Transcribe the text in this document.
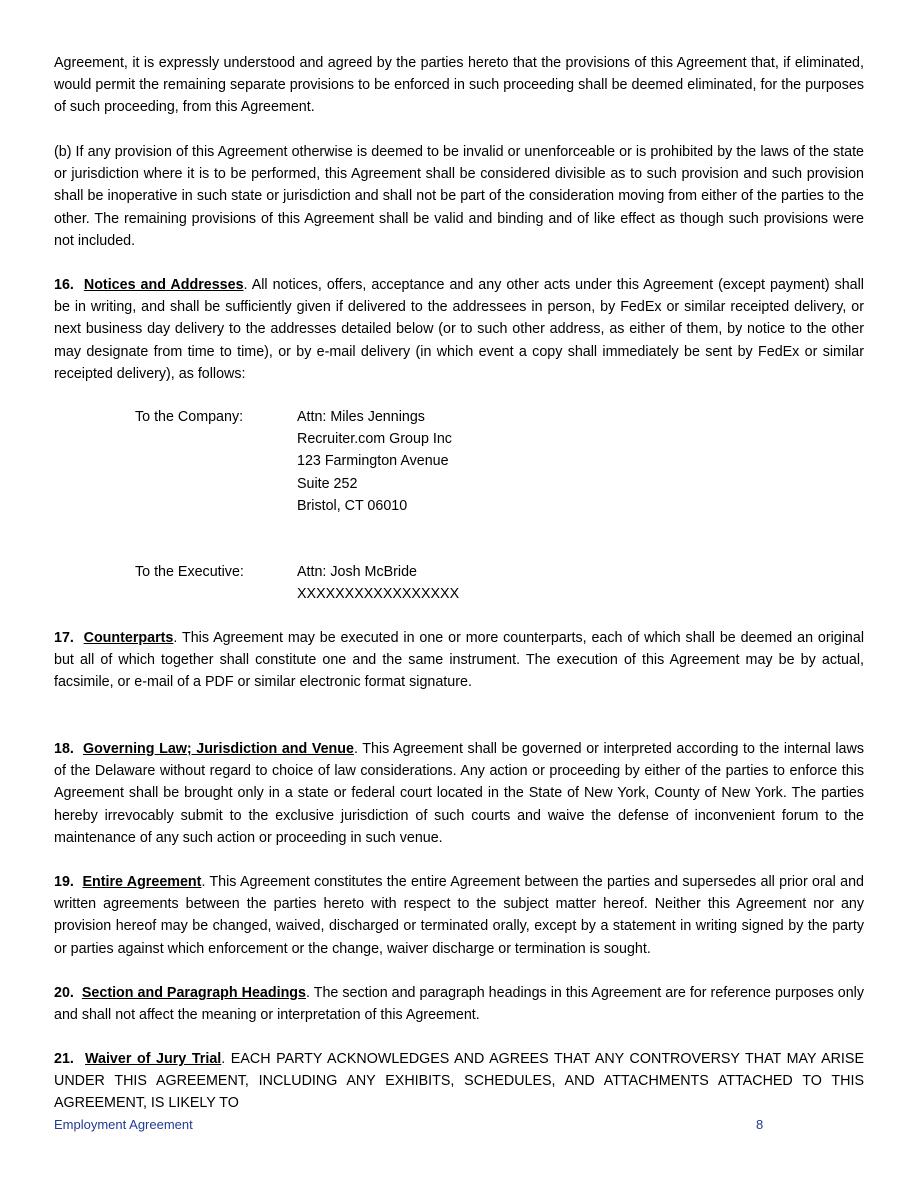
Agreement, it is expressly understood and agreed by the parties hereto that the provisions of this Agreement that, if eliminated, would permit the remaining separate provisions to be enforced in such proceeding shall be deemed eliminated, for the purposes of such proceeding, from this Agreement.

(b) If any provision of this Agreement otherwise is deemed to be invalid or unenforceable or is prohibited by the laws of the state or jurisdiction where it is to be performed, this Agreement shall be considered divisible as to such provision and such provision shall be inoperative in such state or jurisdiction and shall not be part of the consideration moving from either of the parties to the other. The remaining provisions of this Agreement shall be valid and binding and of like effect as though such provisions were not included.

16. Notices and Addresses. All notices, offers, acceptance and any other acts under this Agreement (except payment) shall be in writing, and shall be sufficiently given if delivered to the addressees in person, by FedEx or similar receipted delivery, or next business day delivery to the addresses detailed below (or to such other address, as either of them, by notice to the other may designate from time to time), or by e-mail delivery (in which event a copy shall immediately be sent by FedEx or similar receipted delivery), as follows:

To the Company:	Attn: Miles Jennings
Recruiter.com Group Inc
123 Farmington Avenue
Suite 252
Bristol, CT 06010
To the Executive:	Attn: Josh McBride
XXXXXXXXXXXXXXXXX

17. Counterparts. This Agreement may be executed in one or more counterparts, each of which shall be deemed an original but all of which together shall constitute one and the same instrument. The execution of this Agreement may be by actual, facsimile, or e-mail of a PDF or similar electronic format signature.

18. Governing Law; Jurisdiction and Venue. This Agreement shall be governed or interpreted according to the internal laws of the Delaware without regard to choice of law considerations. Any action or proceeding by either of the parties to enforce this Agreement shall be brought only in a state or federal court located in the State of New York, County of New York. The parties hereby irrevocably submit to the exclusive jurisdiction of such courts and waive the defense of inconvenient forum to the maintenance of any such action or proceeding in such venue.

19. Entire Agreement. This Agreement constitutes the entire Agreement between the parties and supersedes all prior oral and written agreements between the parties hereto with respect to the subject matter hereof. Neither this Agreement nor any provision hereof may be changed, waived, discharged or terminated orally, except by a statement in writing signed by the party or parties against which enforcement or the change, waiver discharge or termination is sought.

20. Section and Paragraph Headings. The section and paragraph headings in this Agreement are for reference purposes only and shall not affect the meaning or interpretation of this Agreement.

21. Waiver of Jury Trial. EACH PARTY ACKNOWLEDGES AND AGREES THAT ANY CONTROVERSY THAT MAY ARISE UNDER THIS AGREEMENT, INCLUDING ANY EXHIBITS, SCHEDULES, AND ATTACHMENTS ATTACHED TO THIS AGREEMENT, IS LIKELY TO

Employment Agreement	8
